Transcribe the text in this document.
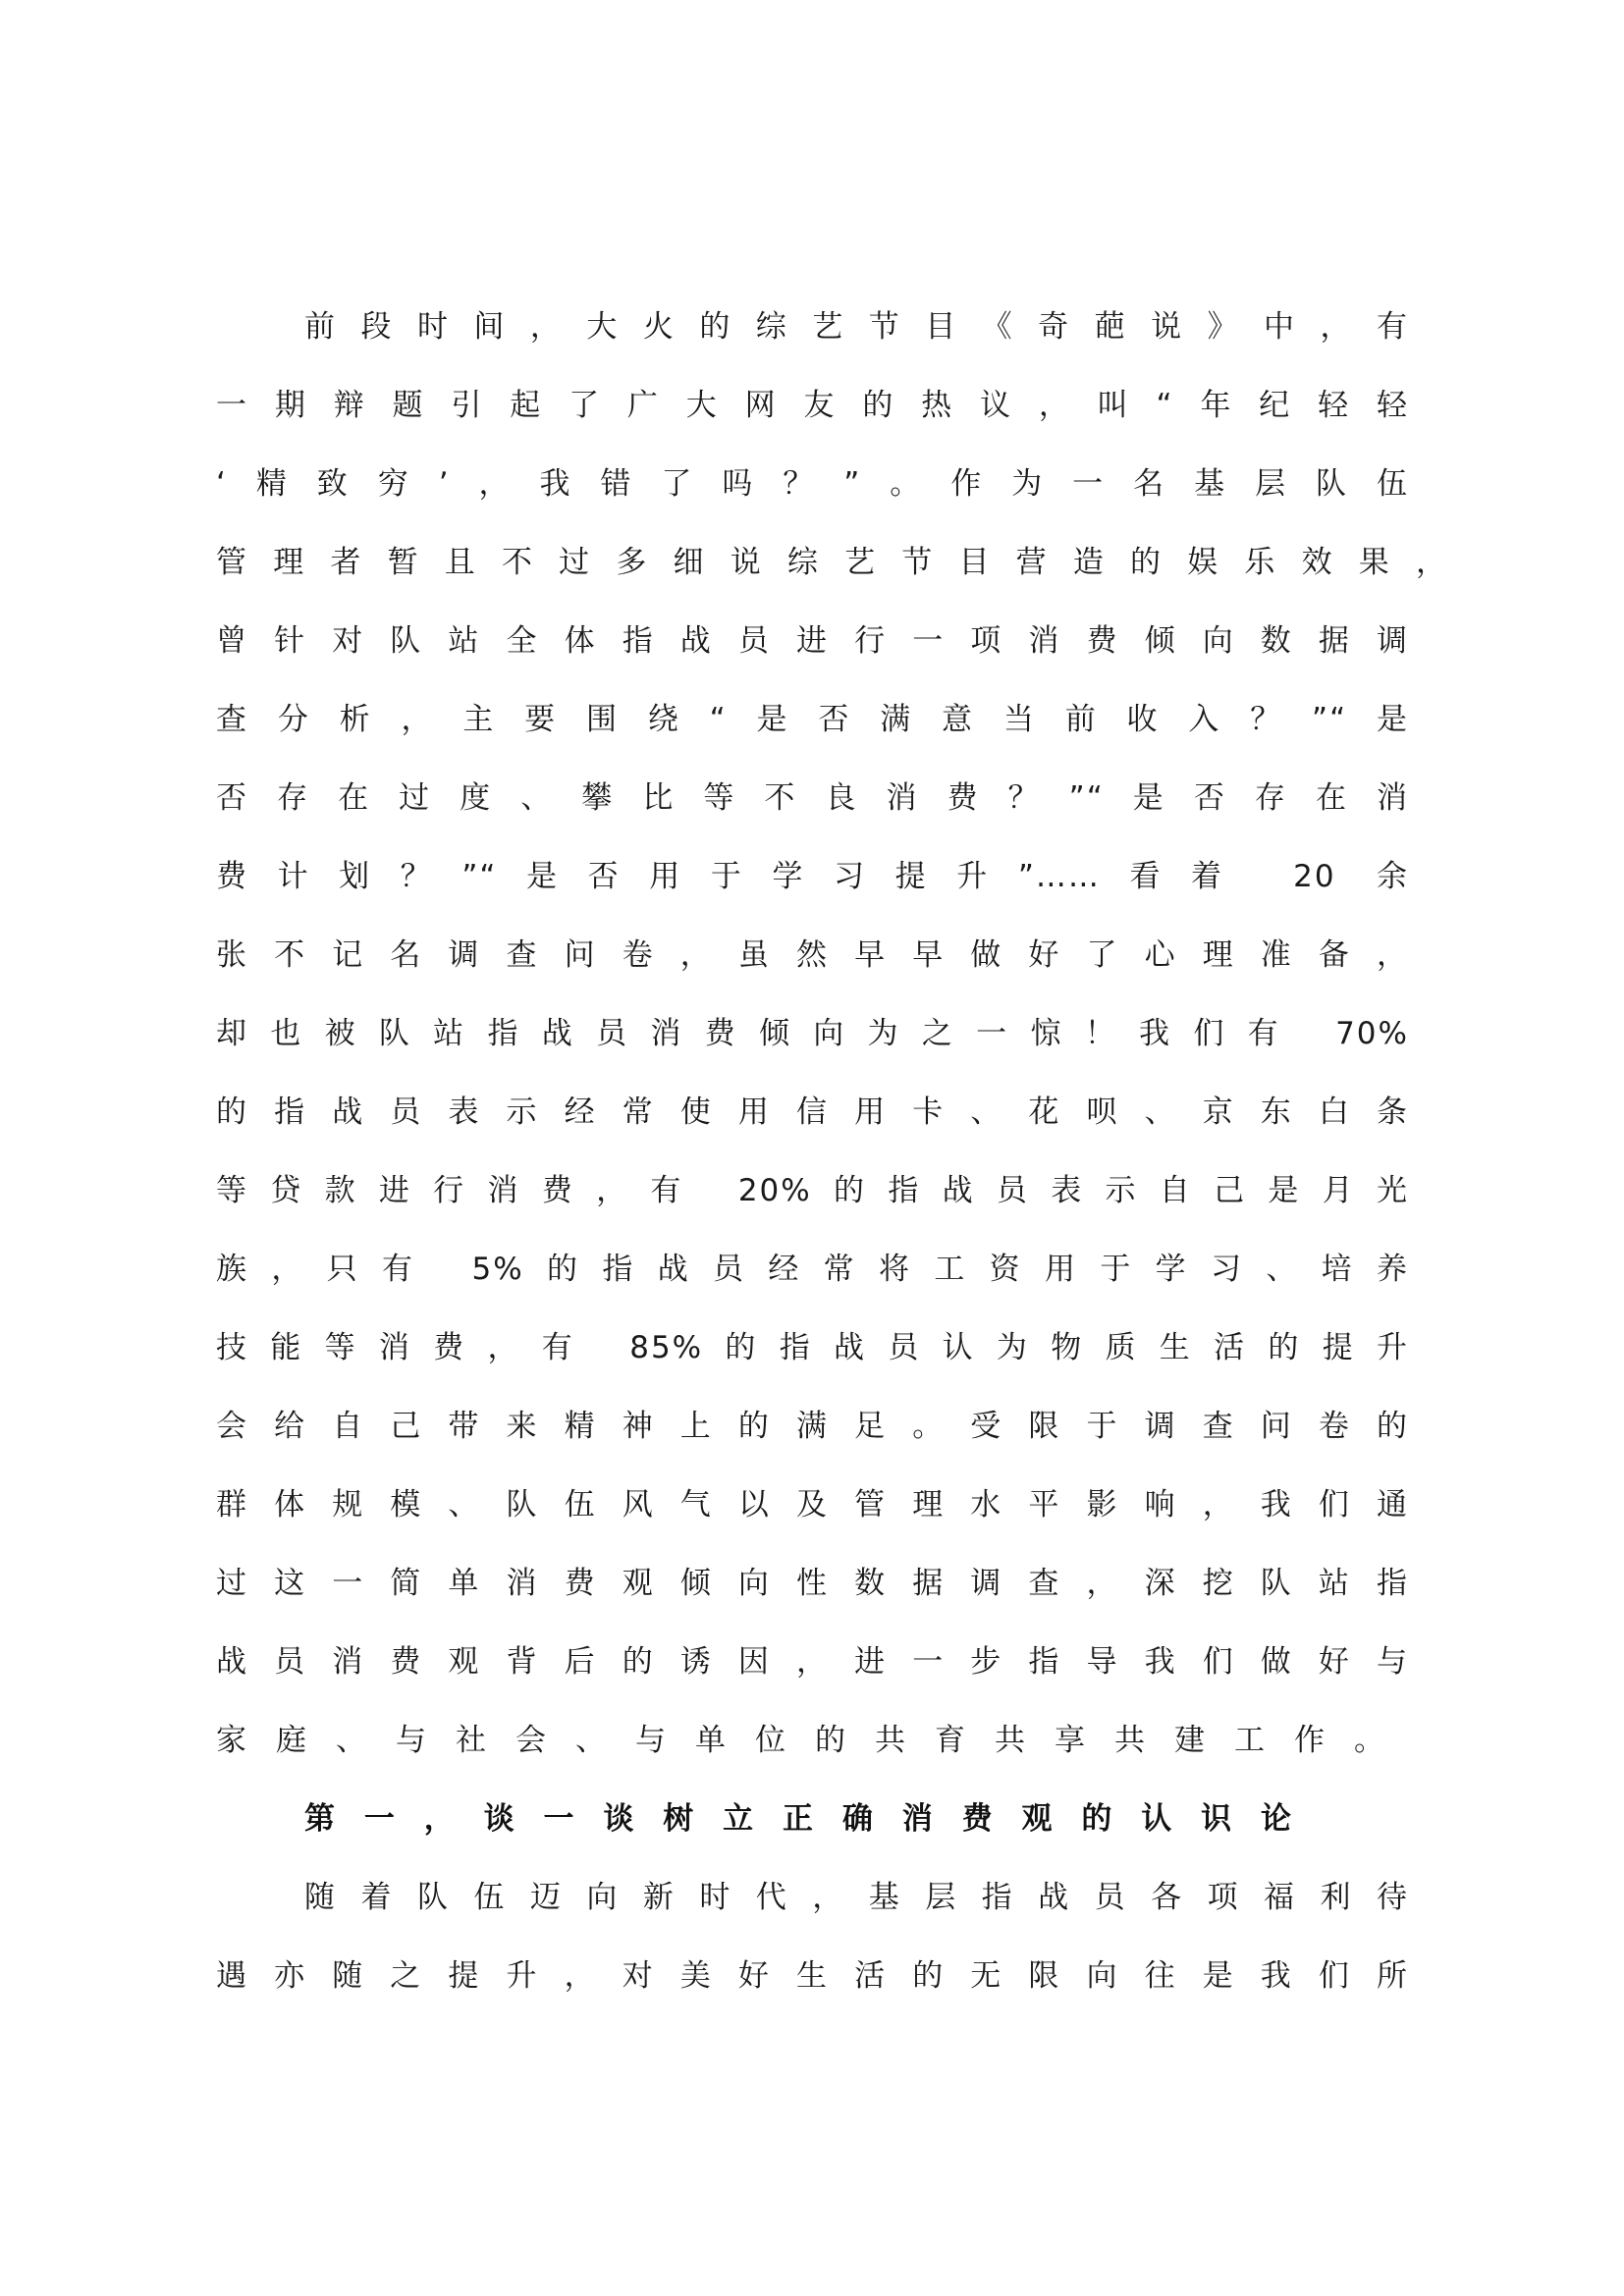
前段时间，大火的综艺节目《奇葩说》中，有
一期辩题引起了广大网友的热议，叫“年纪轻轻
‘精致穷’，我错了吗？”。作为一名基层队伍
管理者暂且不过多细说综艺节目营造的娱乐效果，
曾针对队站全体指战员进行一项消费倾向数据调
查分析，主要围绕“是否满意当前收入？”“是
否存在过度、攀比等不良消费？”“是否存在消
费计划？”“是否用于学习提升”……看着 20 余
张不记名调查问卷，虽然早早做好了心理准备，
却也被队站指战员消费倾向为之一惊！我们有 70%
的指战员表示经常使用信用卡、花呗、京东白条
等贷款进行消费，有 20%的指战员表示自己是月光
族，只有 5%的指战员经常将工资用于学习、培养
技能等消费，有 85%的指战员认为物质生活的提升
会给自己带来精神上的满足。受限于调查问卷的
群体规模、队伍风气以及管理水平影响，我们通
过这一简单消费观倾向性数据调查，深挖队站指
战员消费观背后的诱因，进一步指导我们做好与
家庭、与社会、与单位的共育共享共建工作。
第一，谈一谈树立正确消费观的认识论
随着队伍迈向新时代，基层指战员各项福利待
遇亦随之提升，对美好生活的无限向往是我们所
